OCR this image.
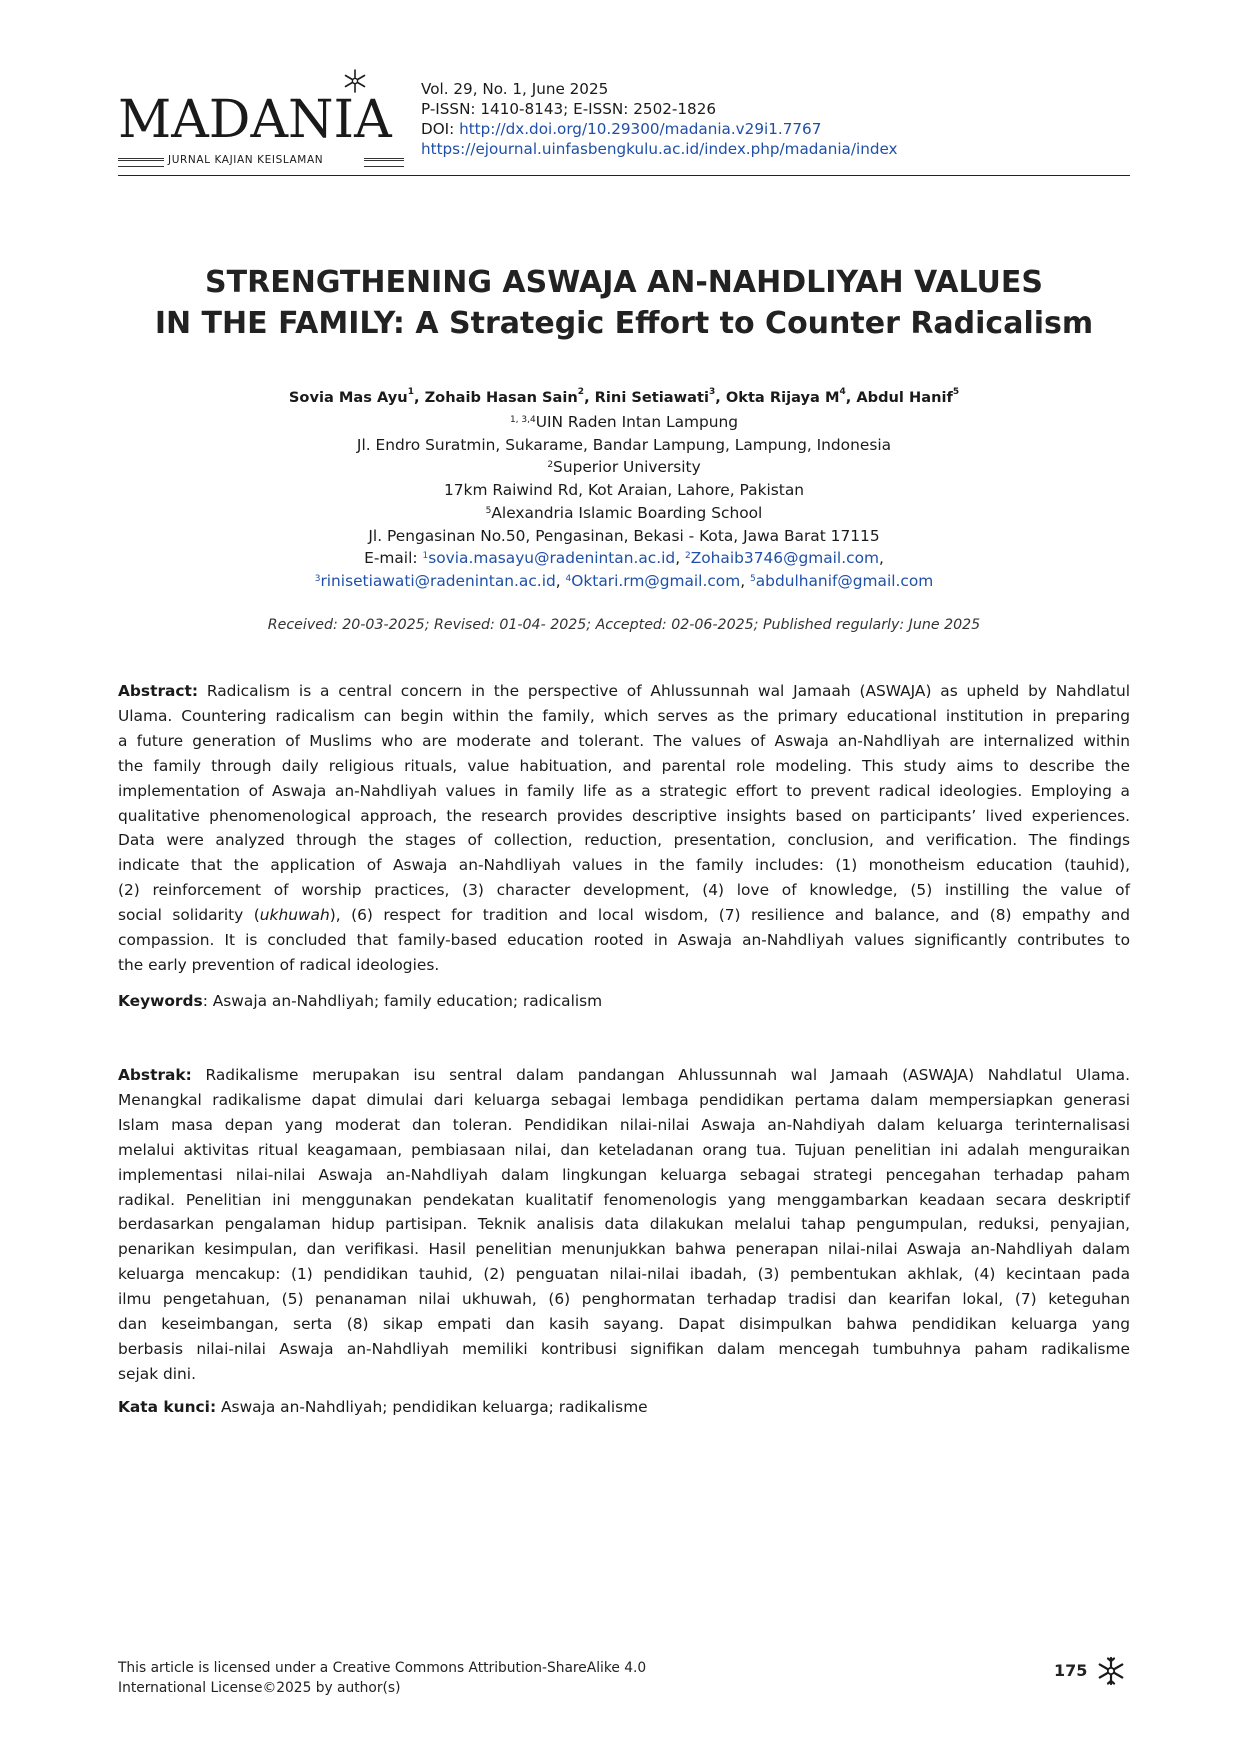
MADANIA
JURNAL KAJIAN KEISLAMAN
Vol. 29, No. 1, June 2025
P-ISSN: 1410-8143; E-ISSN: 2502-1826
DOI: http://dx.doi.org/10.29300/madania.v29i1.7767
https://ejournal.uinfasbengkulu.ac.id/index.php/madania/index
STRENGTHENING ASWAJA AN-NAHDLIYAH VALUES
IN THE FAMILY: A Strategic Effort to Counter Radicalism
Sovia Mas Ayu$^1$, Zohaib Hasan Sain$^2$, Rini Setiawati$^3$, Okta Rijaya $M^4$, Abdul Hanif$^5$
$^{1, 3,4}$UIN Raden Intan Lampung
Jl. Endro Suratmin, Sukarame, Bandar Lampung, Lampung, Indonesia
$^2$Superior University
17km Raiwind Rd, Kot Araian, Lahore, Pakistan
$^5$Alexandria Islamic Boarding School
Jl. Pengasinan No.50, Pengasinan, Bekasi - Kota, Jawa Barat 17115
E-mail: $^1$sovia.masayu@radenintan.ac.id, $^2$Zohaib3746@gmail.com,
$^3$rinisetiawati@radenintan.ac.id, $^4$Oktari.rm@gmail.com, $^5$abdulhanif@gmail.com
Received: 20-03-2025; Revised: 01-04- 2025; Accepted: 02-06-2025; Published regularly: June 2025
Abstract: Radicalism is a central concern in the perspective of Ahlussunnah wal Jamaah (ASWAJA) as upheld by Nahdlatul
Ulama. Countering radicalism can begin within the family, which serves as the primary educational institution in preparing
a future generation of Muslims who are moderate and tolerant. The values of Aswaja an-Nahdliyah are internalized within
the family through daily religious rituals, value habituation, and parental role modeling. This study aims to describe the
implementation of Aswaja an-Nahdliyah values in family life as a strategic effort to prevent radical ideologies. Employing a
qualitative phenomenological approach, the research provides descriptive insights based on participants’ lived experiences.
Data were analyzed through the stages of collection, reduction, presentation, conclusion, and verification. The findings
indicate that the application of Aswaja an-Nahdliyah values in the family includes: (1) monotheism education (tauhid),
(2) reinforcement of worship practices, (3) character development, (4) love of knowledge, (5) instilling the value of
social solidarity (ukhuwah), (6) respect for tradition and local wisdom, (7) resilience and balance, and (8) empathy and
compassion. It is concluded that family-based education rooted in Aswaja an-Nahdliyah values significantly contributes to
the early prevention of radical ideologies.
Keywords: Aswaja an-Nahdliyah; family education; radicalism
Abstrak: Radikalisme merupakan isu sentral dalam pandangan Ahlussunnah wal Jamaah (ASWAJA) Nahdlatul Ulama.
Menangkal radikalisme dapat dimulai dari keluarga sebagai lembaga pendidikan pertama dalam mempersiapkan generasi
Islam masa depan yang moderat dan toleran. Pendidikan nilai-nilai Aswaja an-Nahdiyah dalam keluarga terinternalisasi
melalui aktivitas ritual keagamaan, pembiasaan nilai, dan keteladanan orang tua. Tujuan penelitian ini adalah menguraikan
implementasi nilai-nilai Aswaja an-Nahdliyah dalam lingkungan keluarga sebagai strategi pencegahan terhadap paham
radikal. Penelitian ini menggunakan pendekatan kualitatif fenomenologis yang menggambarkan keadaan secara deskriptif
berdasarkan pengalaman hidup partisipan. Teknik analisis data dilakukan melalui tahap pengumpulan, reduksi, penyajian,
penarikan kesimpulan, dan verifikasi. Hasil penelitian menunjukkan bahwa penerapan nilai-nilai Aswaja an-Nahdliyah dalam
keluarga mencakup: (1) pendidikan tauhid, (2) penguatan nilai-nilai ibadah, (3) pembentukan akhlak, (4) kecintaan pada
ilmu pengetahuan, (5) penanaman nilai ukhuwah, (6) penghormatan terhadap tradisi dan kearifan lokal, (7) keteguhan
dan keseimbangan, serta (8) sikap empati dan kasih sayang. Dapat disimpulkan bahwa pendidikan keluarga yang
berbasis nilai-nilai Aswaja an-Nahdliyah memiliki kontribusi signifikan dalam mencegah tumbuhnya paham radikalisme
sejak dini.
Kata kunci: Aswaja an-Nahdliyah; pendidikan keluarga; radikalisme
This article is licensed under a Creative Commons Attribution-ShareAlike 4.0
International License©2025 by author(s)
175
